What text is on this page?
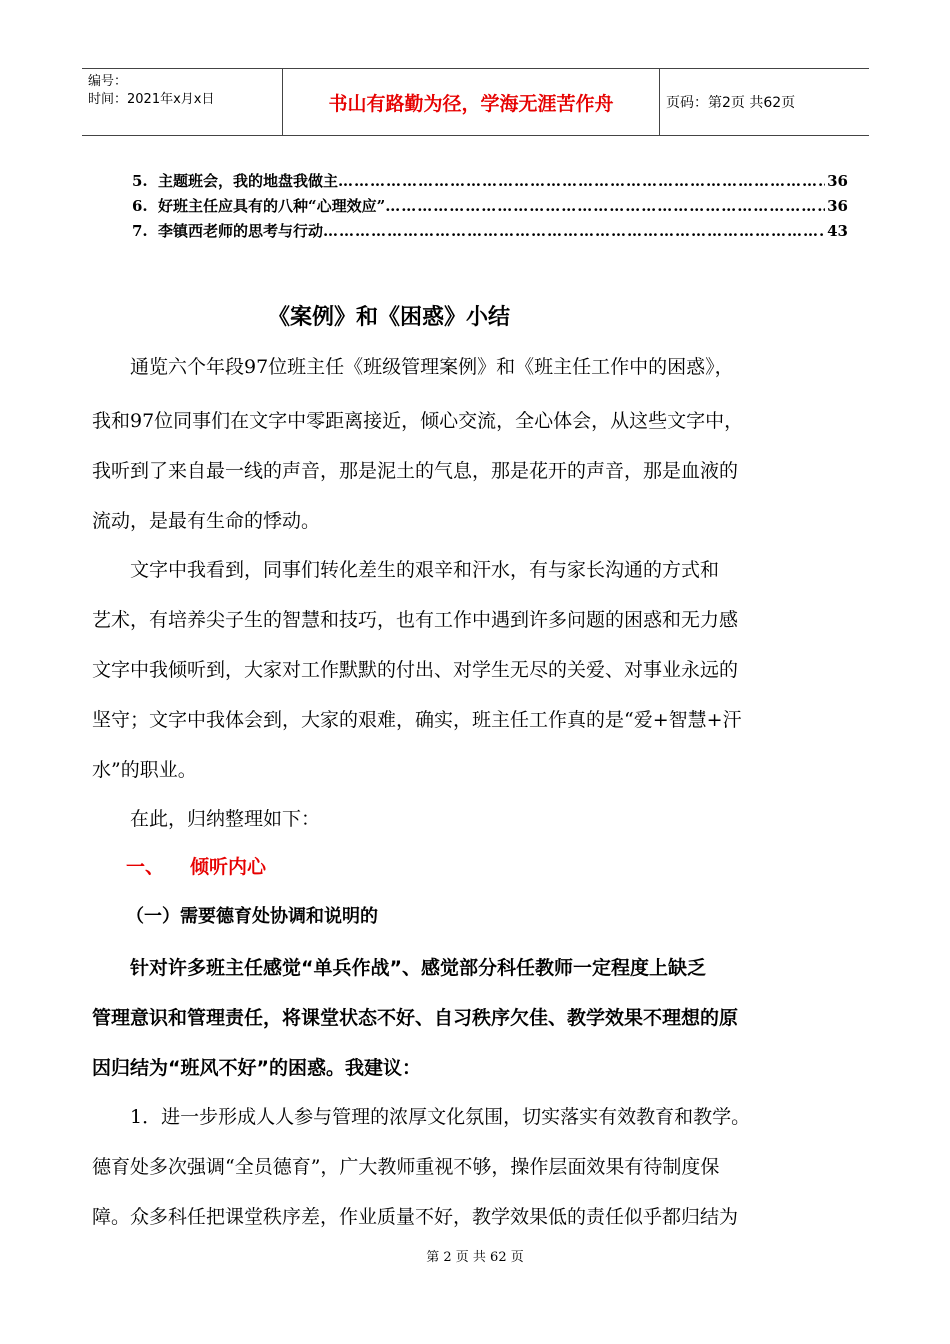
编号：
时间：2021年x月x日	书山有路勤为径，学海无涯苦作舟	页码：第2页 共62页
5. 主题班会，我的地盘我做主 …………………………………………………………………………………………………………………………	36
6. 好班主任应具有的八种“心理效应” …………………………………………………………………………………………………………………………	36
7. 李镇西老师的思考与行动 …………………………………………………………………………………………………………………………	43
《案例》和《困惑》小结
　　通览六个年段97位班主任《班级管理案例》和《班主任工作中的困惑》，
我和97位同事们在文字中零距离接近，倾心交流，全心体会，从这些文字中，
我听到了来自最一线的声音，那是泥土的气息，那是花开的声音，那是血液的
流动，是最有生命的悸动。
　　文字中我看到，同事们转化差生的艰辛和汗水，有与家长沟通的方式和
艺术，有培养尖子生的智慧和技巧，也有工作中遇到许多问题的困惑和无力感
文字中我倾听到，大家对工作默默的付出、对学生无尽的关爱、对事业永远的
坚守；文字中我体会到，大家的艰难，确实，班主任工作真的是“爱+智慧+汗
水”的职业。
　　在此，归纳整理如下：
一、 倾听内心
（一）需要德育处协调和说明的
　　针对许多班主任感觉“单兵作战”、感觉部分科任教师一定程度上缺乏
管理意识和管理责任，将课堂状态不好、自习秩序欠佳、教学效果不理想的原
因归结为“班风不好”的困惑。我建议：
　　1．进一步形成人人参与管理的浓厚文化氛围，切实落实有效教育和教学。
德育处多次强调“全员德育”，广大教师重视不够，操作层面效果有待制度保
障。众多科任把课堂秩序差，作业质量不好，教学效果低的责任似乎都归结为
第 2 页 共 62 页
